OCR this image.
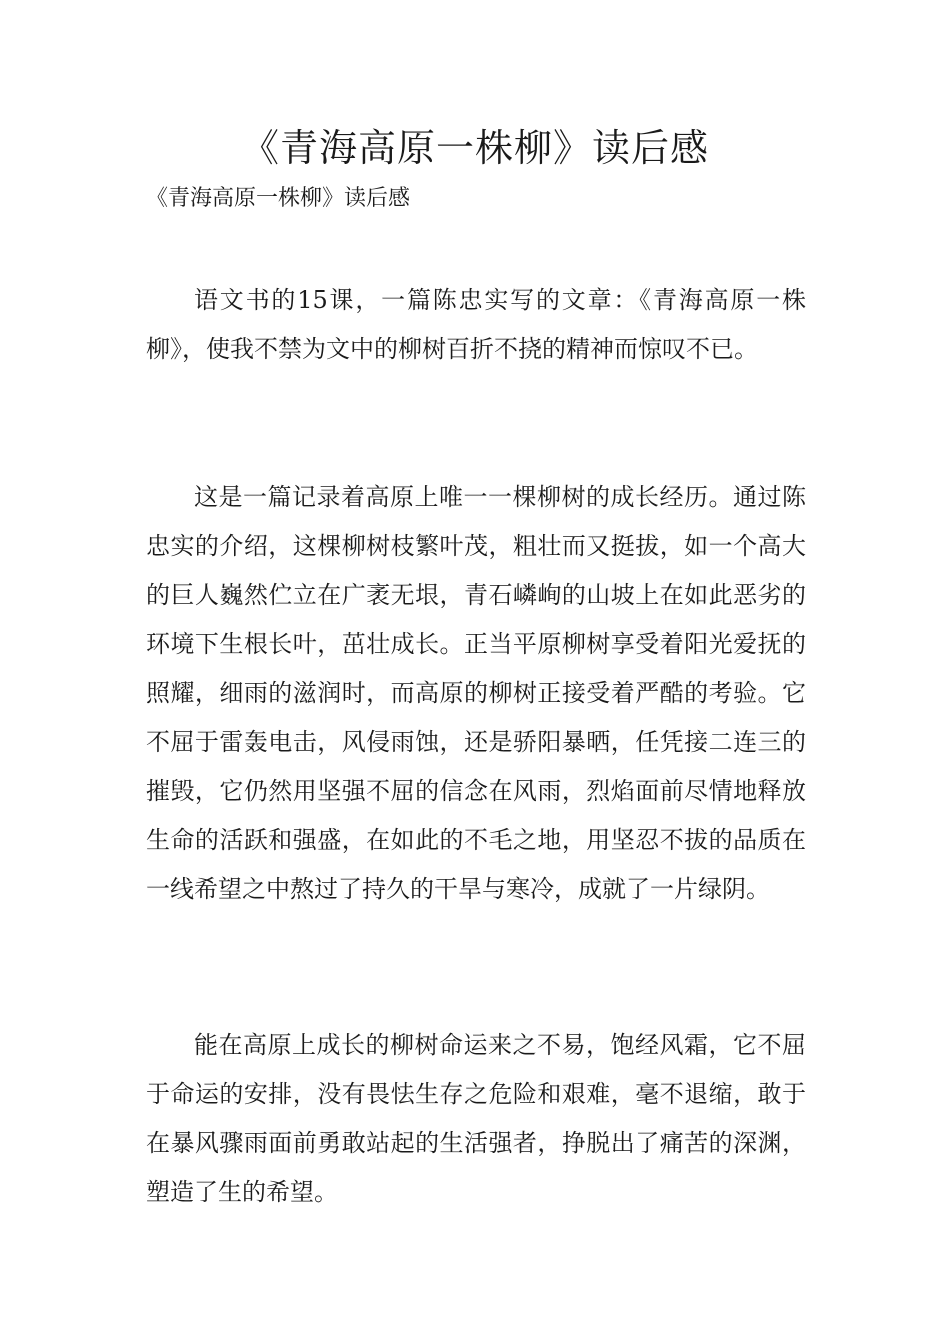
《青海高原一株柳》读后感

《青海高原一株柳》读后感

语文书的15课，一篇陈忠实写的文章：《青海高原一株柳》，使我不禁为文中的柳树百折不挠的精神而惊叹不已。

这是一篇记录着高原上唯一一棵柳树的成长经历。通过陈忠实的介绍，这棵柳树枝繁叶茂，粗壮而又挺拔，如一个高大的巨人巍然伫立在广袤无垠，青石嶙峋的山坡上在如此恶劣的环境下生根长叶，茁壮成长。正当平原柳树享受着阳光爱抚的照耀，细雨的滋润时，而高原的柳树正接受着严酷的考验。它不屈于雷轰电击，风侵雨蚀，还是骄阳暴晒，任凭接二连三的摧毁，它仍然用坚强不屈的信念在风雨，烈焰面前尽情地释放生命的活跃和强盛，在如此的不毛之地，用坚忍不拔的品质在一线希望之中熬过了持久的干旱与寒冷，成就了一片绿阴。

能在高原上成长的柳树命运来之不易，饱经风霜，它不屈于命运的安排，没有畏怯生存之危险和艰难，毫不退缩，敢于在暴风骤雨面前勇敢站起的生活强者，挣脱出了痛苦的深渊，塑造了生的希望。
